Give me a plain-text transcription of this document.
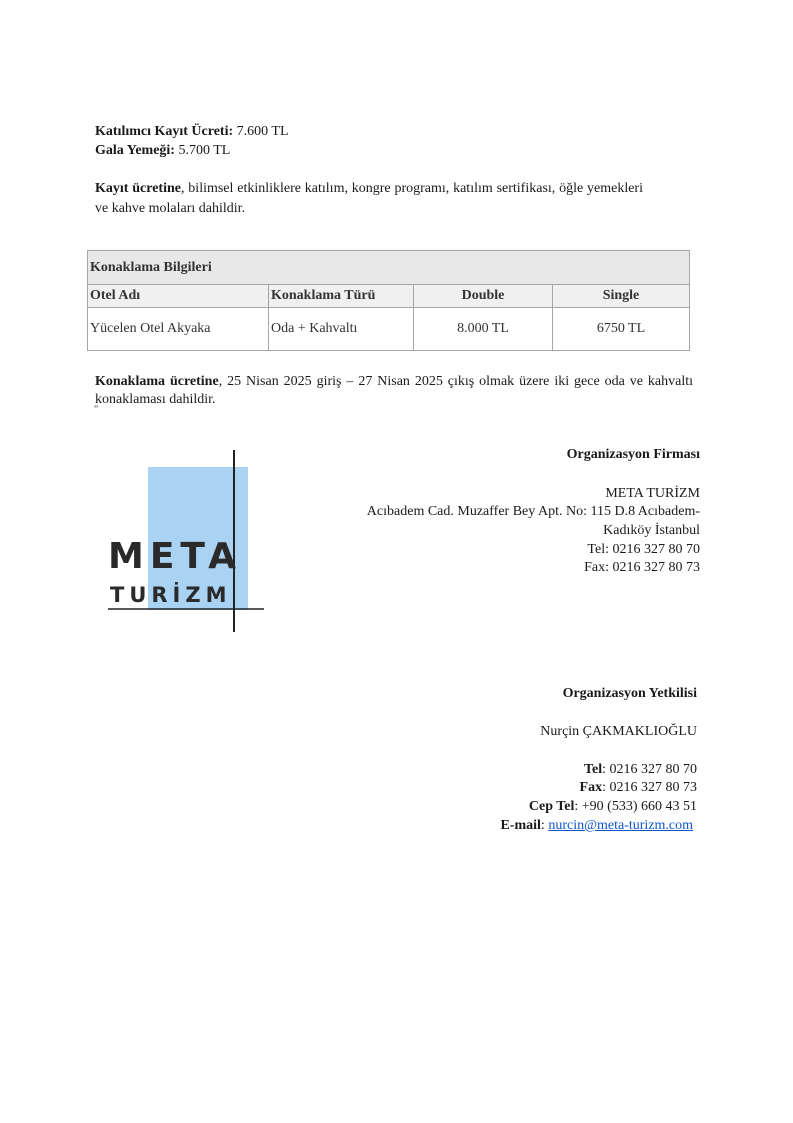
Katılımcı Kayıt Ücreti: 7.600 TL
Gala Yemeği: 5.700 TL
Kayıt ücretine, bilimsel etkinliklere katılım, kongre programı, katılım sertifikası, öğle yemekleri ve kahve molaları dahildir.
Konaklama Bilgileri			
Otel Adı	Konaklama Türü	Double	Single
Yücelen Otel Akyaka	Oda + Kahvaltı	8.000 TL	6750 TL
Konaklama ücretine, 25 Nisan 2025 giriş – 27 Nisan 2025 çıkış olmak üzere iki gece oda ve kahvaltı konaklaması dahildir.
“
META
TURİZM
Organizasyon Firması
META TURİZM
Acıbadem Cad. Muzaffer Bey Apt. No: 115 D.8 Acıbadem-
Kadıköy İstanbul
Tel: 0216 327 80 70
Fax: 0216 327 80 73
Organizasyon Yetkilisi
Nurçin ÇAKMAKLIOĞLU
Tel: 0216 327 80 70
Fax: 0216 327 80 73
Cep Tel: +90 (533) 660 43 51
E-mail: nurcin@meta-turizm.com
